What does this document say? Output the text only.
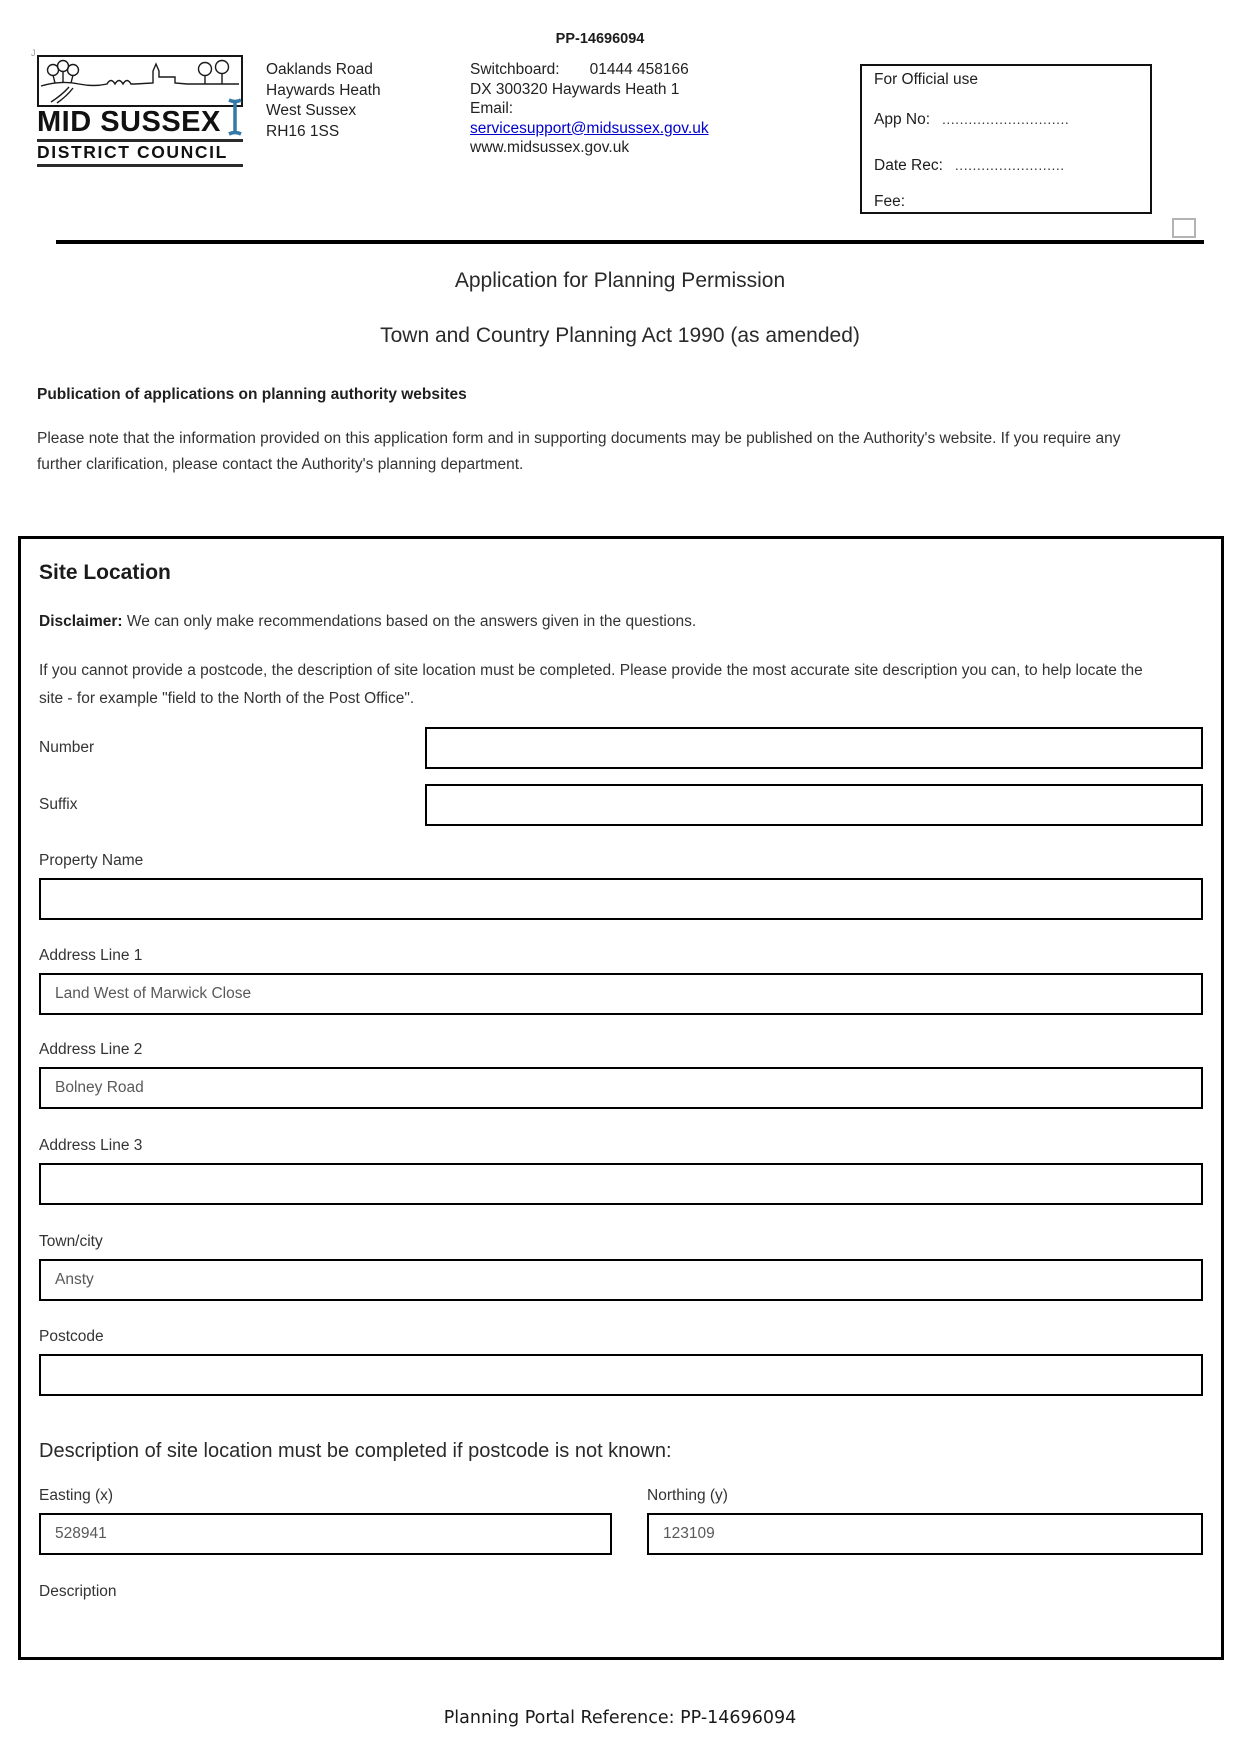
J
PP-14696094
MID SUSSEX
DISTRICT COUNCIL
Oaklands Road
Haywards Heath
West Sussex
RH16 1SS
Switchboard: 01444 458166
DX 300320 Haywards Heath 1
Email:
servicesupport@midsussex.gov.uk
www.midsussex.gov.uk
For Official use
App No: .............................
Date Rec: .........................
Fee:
Application for Planning Permission
Town and Country Planning Act 1990 (as amended)
Publication of applications on planning authority websites

Please note that the information provided on this application form and in supporting documents may be published on the Authority's website. If you require any further clarification, please contact the Authority's planning department.

Site Location

Disclaimer: We can only make recommendations based on the answers given in the questions.

If you cannot provide a postcode, the description of site location must be completed. Please provide the most accurate site description you can, to help locate the site - for example "field to the North of the Post Office".

Number
Suffix
Property Name
Address Line 1
Land West of Marwick Close
Address Line 2
Bolney Road
Address Line 3
Town/city
Ansty
Postcode
Description of site location must be completed if postcode is not known:
Easting (x)
528941	Northing (y)
123109
Description
Planning Portal Reference: PP-14696094
